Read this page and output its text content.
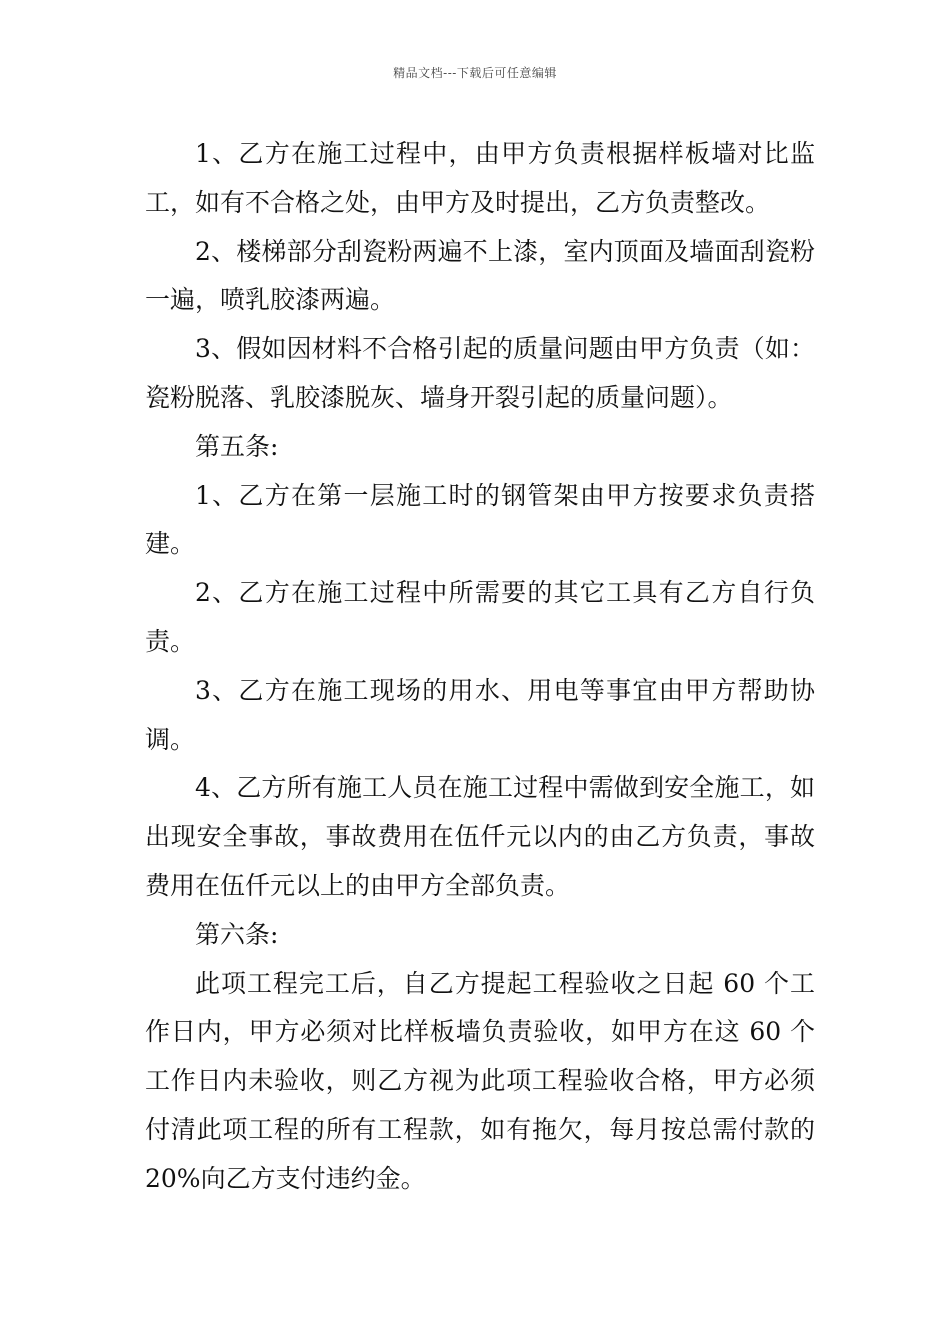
精品文档---下载后可任意编辑

1、乙方在施工过程中，由甲方负责根据样板墙对比监工，如有不合格之处，由甲方及时提出，乙方负责整改。

2、楼梯部分刮瓷粉两遍不上漆，室内顶面及墙面刮瓷粉一遍，喷乳胶漆两遍。

3、假如因材料不合格引起的质量问题由甲方负责（如：瓷粉脱落、乳胶漆脱灰、墙身开裂引起的质量问题）。

第五条:

1、乙方在第一层施工时的钢管架由甲方按要求负责搭建。

2、乙方在施工过程中所需要的其它工具有乙方自行负责。

3、乙方在施工现场的用水、用电等事宜由甲方帮助协调。

4、乙方所有施工人员在施工过程中需做到安全施工，如出现安全事故，事故费用在伍仟元以内的由乙方负责，事故费用在伍仟元以上的由甲方全部负责。

第六条:

此项工程完工后，自乙方提起工程验收之日起 60 个工作日内，甲方必须对比样板墙负责验收，如甲方在这 60 个工作日内未验收，则乙方视为此项工程验收合格，甲方必须付清此项工程的所有工程款，如有拖欠，每月按总需付款的 20%向乙方支付违约金。
